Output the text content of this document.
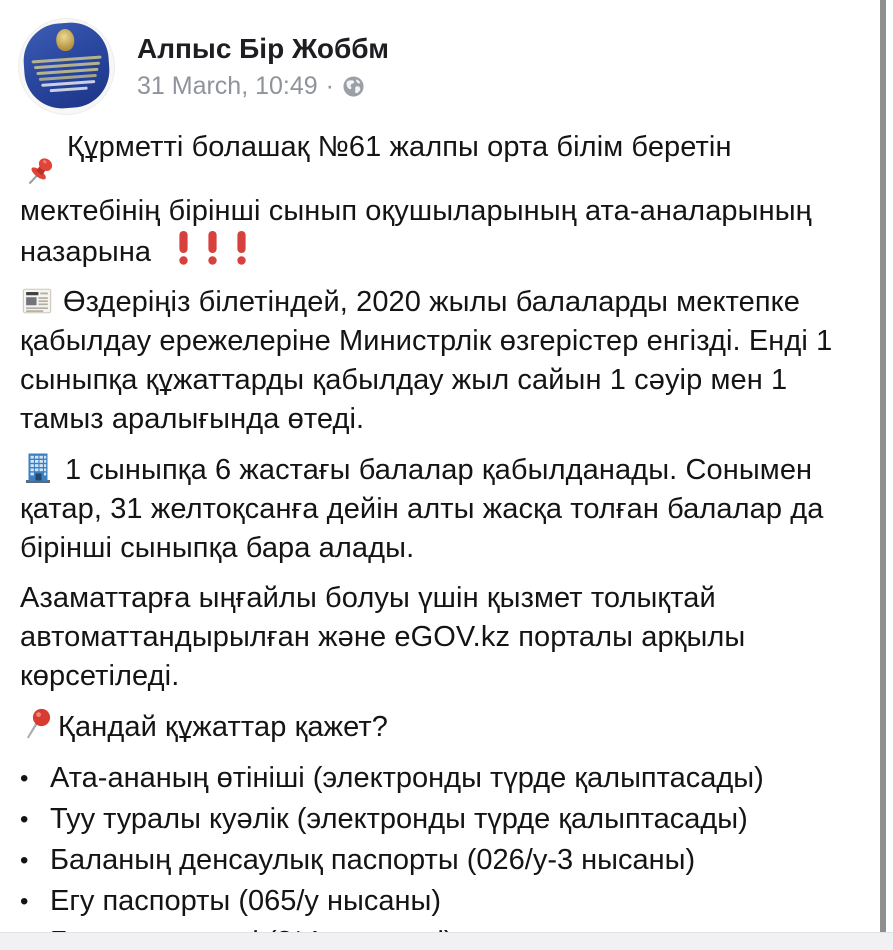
Алпыс Бір Жоббм
31 March, 10:49 ·

Құрметті болашақ №61 жалпы орта білім беретін мектебінің бірінші сынып оқушыларының ата-аналарының назарына

Өздеріңіз білетіндей, 2020 жылы балаларды мектепке қабылдау ережелеріне Министрлік өзгерістер енгізді. Енді 1 сыныпқа құжаттарды қабылдау жыл сайын 1 сәуір мен 1 тамыз аралығында өтеді.

1 сыныпқа 6 жастағы балалар қабылданады. Сонымен қатар, 31 желтоқсанға дейін алты жасқа толған балалар да бірінші сыныпқа бара алады.

Азаматтарға ыңғайлы болуы үшін қызмет толықтай автоматтандырылған және eGOV.kz порталы арқылы көрсетіледі.

Қандай құжаттар қажет?

• Ата-ананың өтініші (электронды түрде қалыптасады)
• Туу туралы куәлік (электронды түрде қалыптасады)
• Баланың денсаулық паспорты (026/у-3 нысаны)
• Егу паспорты (065/у нысаны)
